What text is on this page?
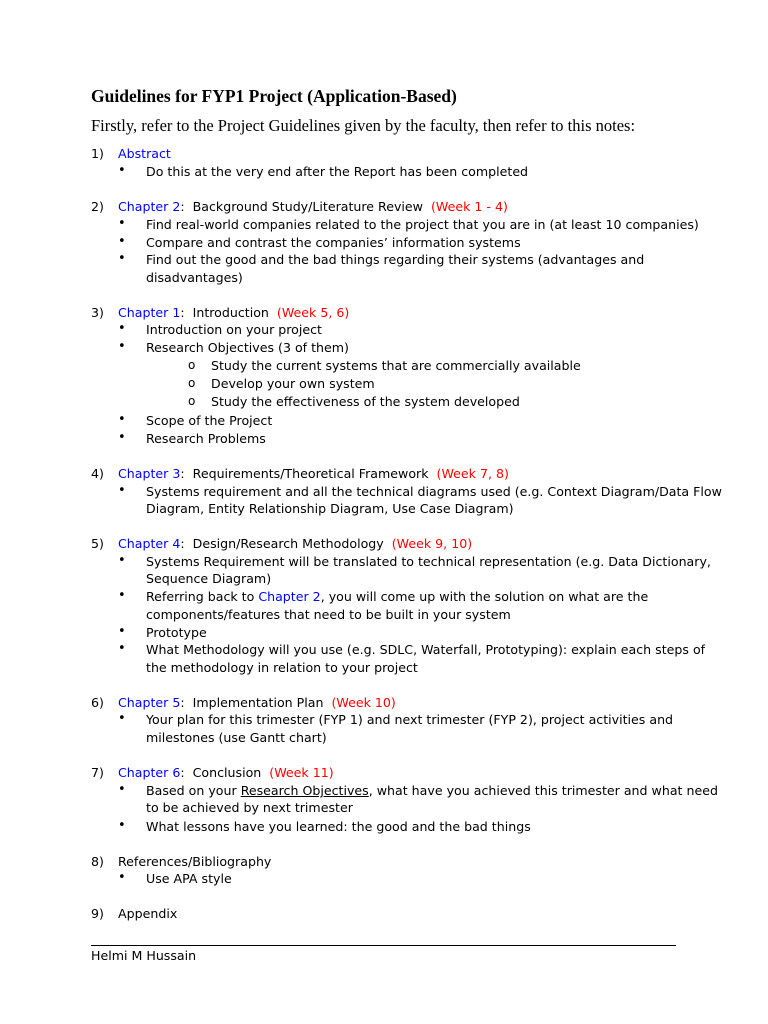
Guidelines for FYP1 Project (Application-Based)
Firstly, refer to the Project Guidelines given by the faculty, then refer to this notes:
1) Abstract
• Do this at the very end after the Report has been completed
2) Chapter 2: Background Study/Literature Review (Week 1 - 4)
• Find real-world companies related to the project that you are in (at least 10 companies)
• Compare and contrast the companies’ information systems
• Find out the good and the bad things regarding their systems (advantages and
disadvantages)
3) Chapter 1: Introduction (Week 5, 6)
• Introduction on your project
• Research Objectives (3 of them)
o Study the current systems that are commercially available
o Develop your own system
o Study the effectiveness of the system developed
• Scope of the Project
• Research Problems
4) Chapter 3: Requirements/Theoretical Framework (Week 7, 8)
• Systems requirement and all the technical diagrams used (e.g. Context Diagram/Data Flow
Diagram, Entity Relationship Diagram, Use Case Diagram)
5) Chapter 4: Design/Research Methodology (Week 9, 10)
• Systems Requirement will be translated to technical representation (e.g. Data Dictionary,
Sequence Diagram)
• Referring back to Chapter 2, you will come up with the solution on what are the
components/features that need to be built in your system
• Prototype
• What Methodology will you use (e.g. SDLC, Waterfall, Prototyping): explain each steps of
the methodology in relation to your project
6) Chapter 5: Implementation Plan (Week 10)
• Your plan for this trimester (FYP 1) and next trimester (FYP 2), project activities and
milestones (use Gantt chart)
7) Chapter 6: Conclusion (Week 11)
• Based on your Research Objectives, what have you achieved this trimester and what need
to be achieved by next trimester
• What lessons have you learned: the good and the bad things
8) References/Bibliography
• Use APA style
9) Appendix
Helmi M Hussain
